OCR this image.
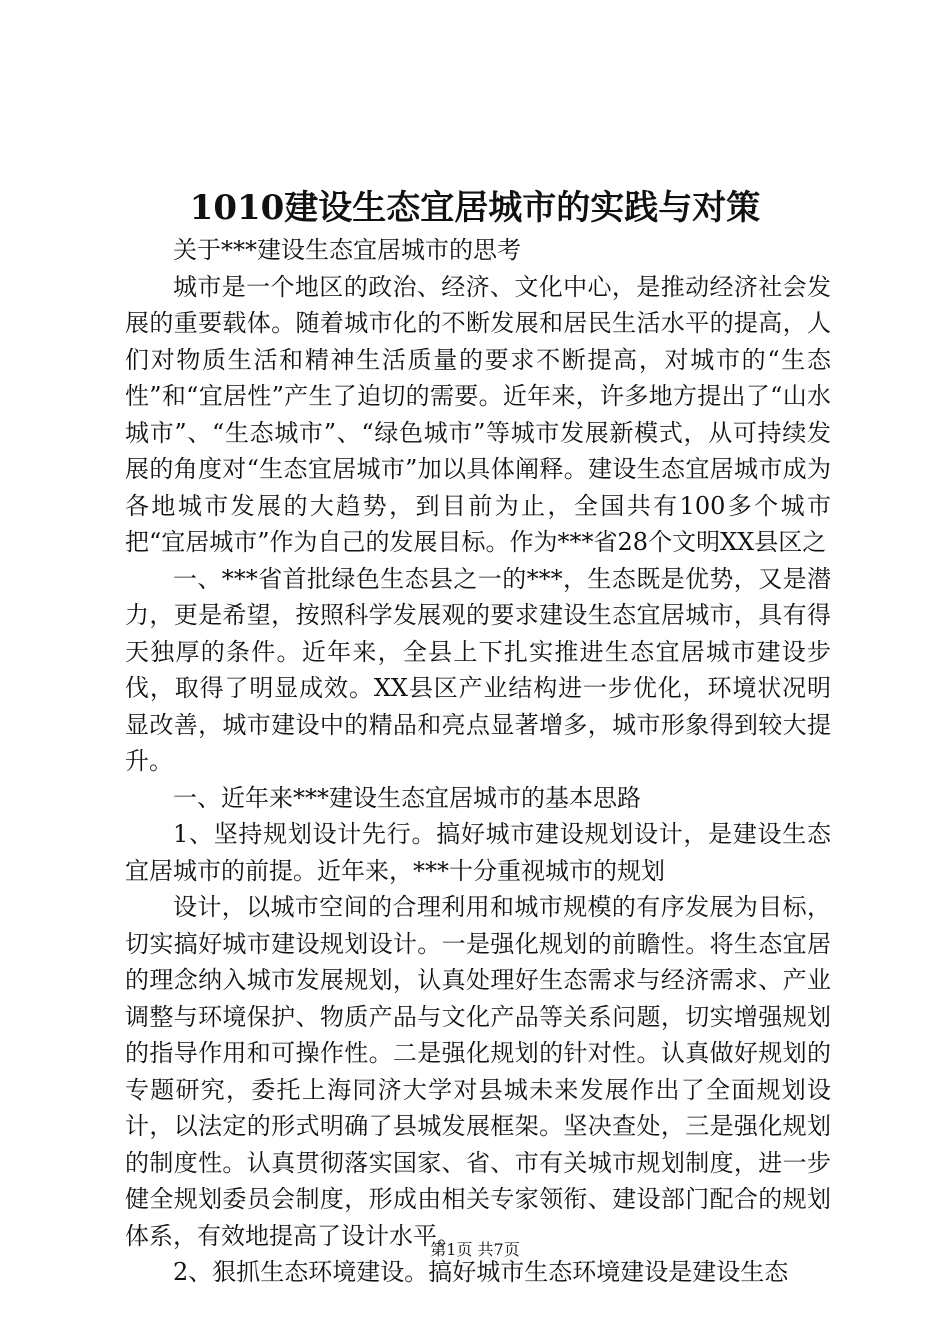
1010建设生态宜居城市的实践与对策

关于***建设生态宜居城市的思考

城市是一个地区的政治、经济、文化中心，是推动经济社会发展的重要载体。随着城市化的不断发展和居民生活水平的提高，人们对物质生活和精神生活质量的要求不断提高，对城市的“生态性”和“宜居性”产生了迫切的需要。近年来，许多地方提出了“山水城市”、“生态城市”、“绿色城市”等城市发展新模式，从可持续发展的角度对“生态宜居城市”加以具体阐释。建设生态宜居城市成为各地城市发展的大趋势，到目前为止，全国共有100多个城市把“宜居城市”作为自己的发展目标。作为***省28个文明XX县区之

一、***省首批绿色生态县之一的***，生态既是优势，又是潜力，更是希望，按照科学发展观的要求建设生态宜居城市，具有得天独厚的条件。近年来，全县上下扎实推进生态宜居城市建设步伐，取得了明显成效。XX县区产业结构进一步优化，环境状况明显改善，城市建设中的精品和亮点显著增多，城市形象得到较大提升。

一、近年来***建设生态宜居城市的基本思路

1、坚持规划设计先行。搞好城市建设规划设计，是建设生态宜居城市的前提。近年来，***十分重视城市的规划

设计，以城市空间的合理利用和城市规模的有序发展为目标，切实搞好城市建设规划设计。一是强化规划的前瞻性。将生态宜居的理念纳入城市发展规划，认真处理好生态需求与经济需求、产业调整与环境保护、物质产品与文化产品等关系问题，切实增强规划的指导作用和可操作性。二是强化规划的针对性。认真做好规划的专题研究，委托上海同济大学对县城未来发展作出了全面规划设计，以法定的形式明确了县城发展框架。坚决查处，三是强化规划的制度性。认真贯彻落实国家、省、市有关城市规划制度，进一步健全规划委员会制度，形成由相关专家领衔、建设部门配合的规划体系，有效地提高了设计水平。

2、狠抓生态环境建设。搞好城市生态环境建设是建设生态

第1页 共7页
